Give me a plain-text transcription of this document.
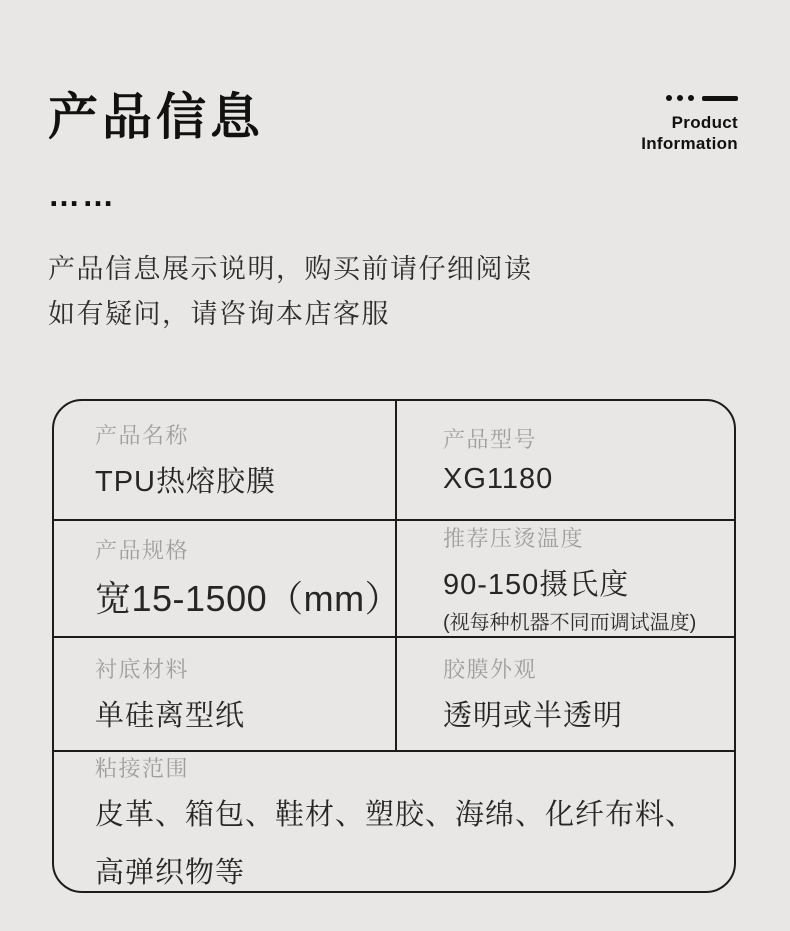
产品信息	Product
Information
……
产品信息展示说明，购买前请仔细阅读
如有疑问，请咨询本店客服
产品名称
TPU热熔胶膜
产品型号
XG1180
产品规格
宽15-1500（mm）
推荐压烫温度
90-150摄氏度
(视每种机器不同而调试温度)
衬底材料
单硅离型纸
胶膜外观
透明或半透明
粘接范围
皮革、箱包、鞋材、塑胶、海绵、化纤布料、
高弹织物等
